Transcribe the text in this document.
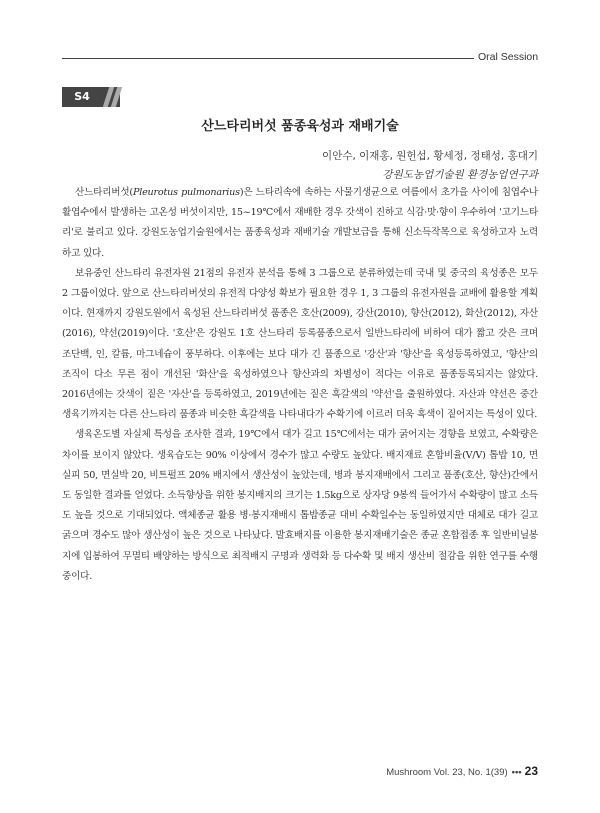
Oral Session
S4
산느타리버섯 품종육성과 재배기술
이안수, 이재홍, 원헌섭, 황세정, 정태성, 홍대기
강원도농업기술원 환경농업연구과

산느타리버섯(Pleurotus pulmonarius)은 느타리속에 속하는 사물기생균으로 여름에서 초가을 사이에 침엽수나 활엽수에서 발생하는 고온성 버섯이지만, 15~19℃에서 재배한 경우 갓색이 진하고 식감·맛·향이 우수하여 '고기느타리'로 불리고 있다. 강원도농업기술원에서는 품종육성과 재배기술 개발보급을 통해 신소득작목으로 육성하고자 노력하고 있다.

보유중인 산느타리 유전자원 21점의 유전자 분석을 통해 3 그룹으로 분류하였는데 국내 및 중국의 육성종은 모두 2 그룹이었다. 앞으로 산느타리버섯의 유전적 다양성 확보가 필요한 경우 1, 3 그룹의 유전자원을 교배에 활용할 계획이다. 현재까지 강원도원에서 육성된 산느타리버섯 품종은 호산(2009), 강산(2010), 향산(2012), 화산(2012), 자산(2016), 약선(2019)이다. '호산'은 강원도 1호 산느타리 등록품종으로서 일반느타리에 비하여 대가 짧고 갓은 크며 조단백, 인, 칼륨, 마그네슘이 풍부하다. 이후에는 보다 대가 긴 품종으로 '강산'과 '향산'을 육성등록하였고, '향산'의 조직이 다소 무른 점이 개선된 '화산'을 육성하였으나 향산과의 차별성이 적다는 이유로 품종등록되지는 않았다. 2016년에는 갓색이 짙은 '자산'을 등록하였고, 2019년에는 짙은 흑갈색의 '약선'을 출원하였다. 자산과 약선은 중간 생육기까지는 다른 산느타리 품종과 비슷한 흑갈색을 나타내다가 수확기에 이르러 더욱 흑색이 짙어지는 특성이 있다.

생육온도별 자실체 특성을 조사한 결과, 19℃에서 대가 길고 15℃에서는 대가 굵어지는 경향을 보였고, 수확량은 차이를 보이지 않았다. 생육습도는 90% 이상에서 경수가 많고 수량도 높았다. 배지재료 혼합비율(V/V) 톱밥 10, 면실피 50, 면실박 20, 비트펄프 20% 배지에서 생산성이 높았는데, 병과 봉지재배에서 그리고 품종(호산, 향산)간에서도 동일한 결과를 얻었다. 소득향상을 위한 봉지배지의 크기는 1.5kg으로 상자당 9봉씩 들어가서 수확량이 많고 소득도 높을 것으로 기대되었다. 액체종균 활용 병·봉지재배시 톱밥종균 대비 수확일수는 동일하였지만 대체로 대가 길고 굵으며 경수도 많아 생산성이 높은 것으로 나타났다. 발효배지를 이용한 봉지재배기술은 종균 혼합접종 후 일반비닐봉지에 입봉하여 무멸티 배양하는 방식으로 최적배지 구명과 생력화 등 다수확 및 배지 생산비 절감을 위한 연구를 수행중이다.

Mushroom Vol. 23, No. 1(39) ••• 23
